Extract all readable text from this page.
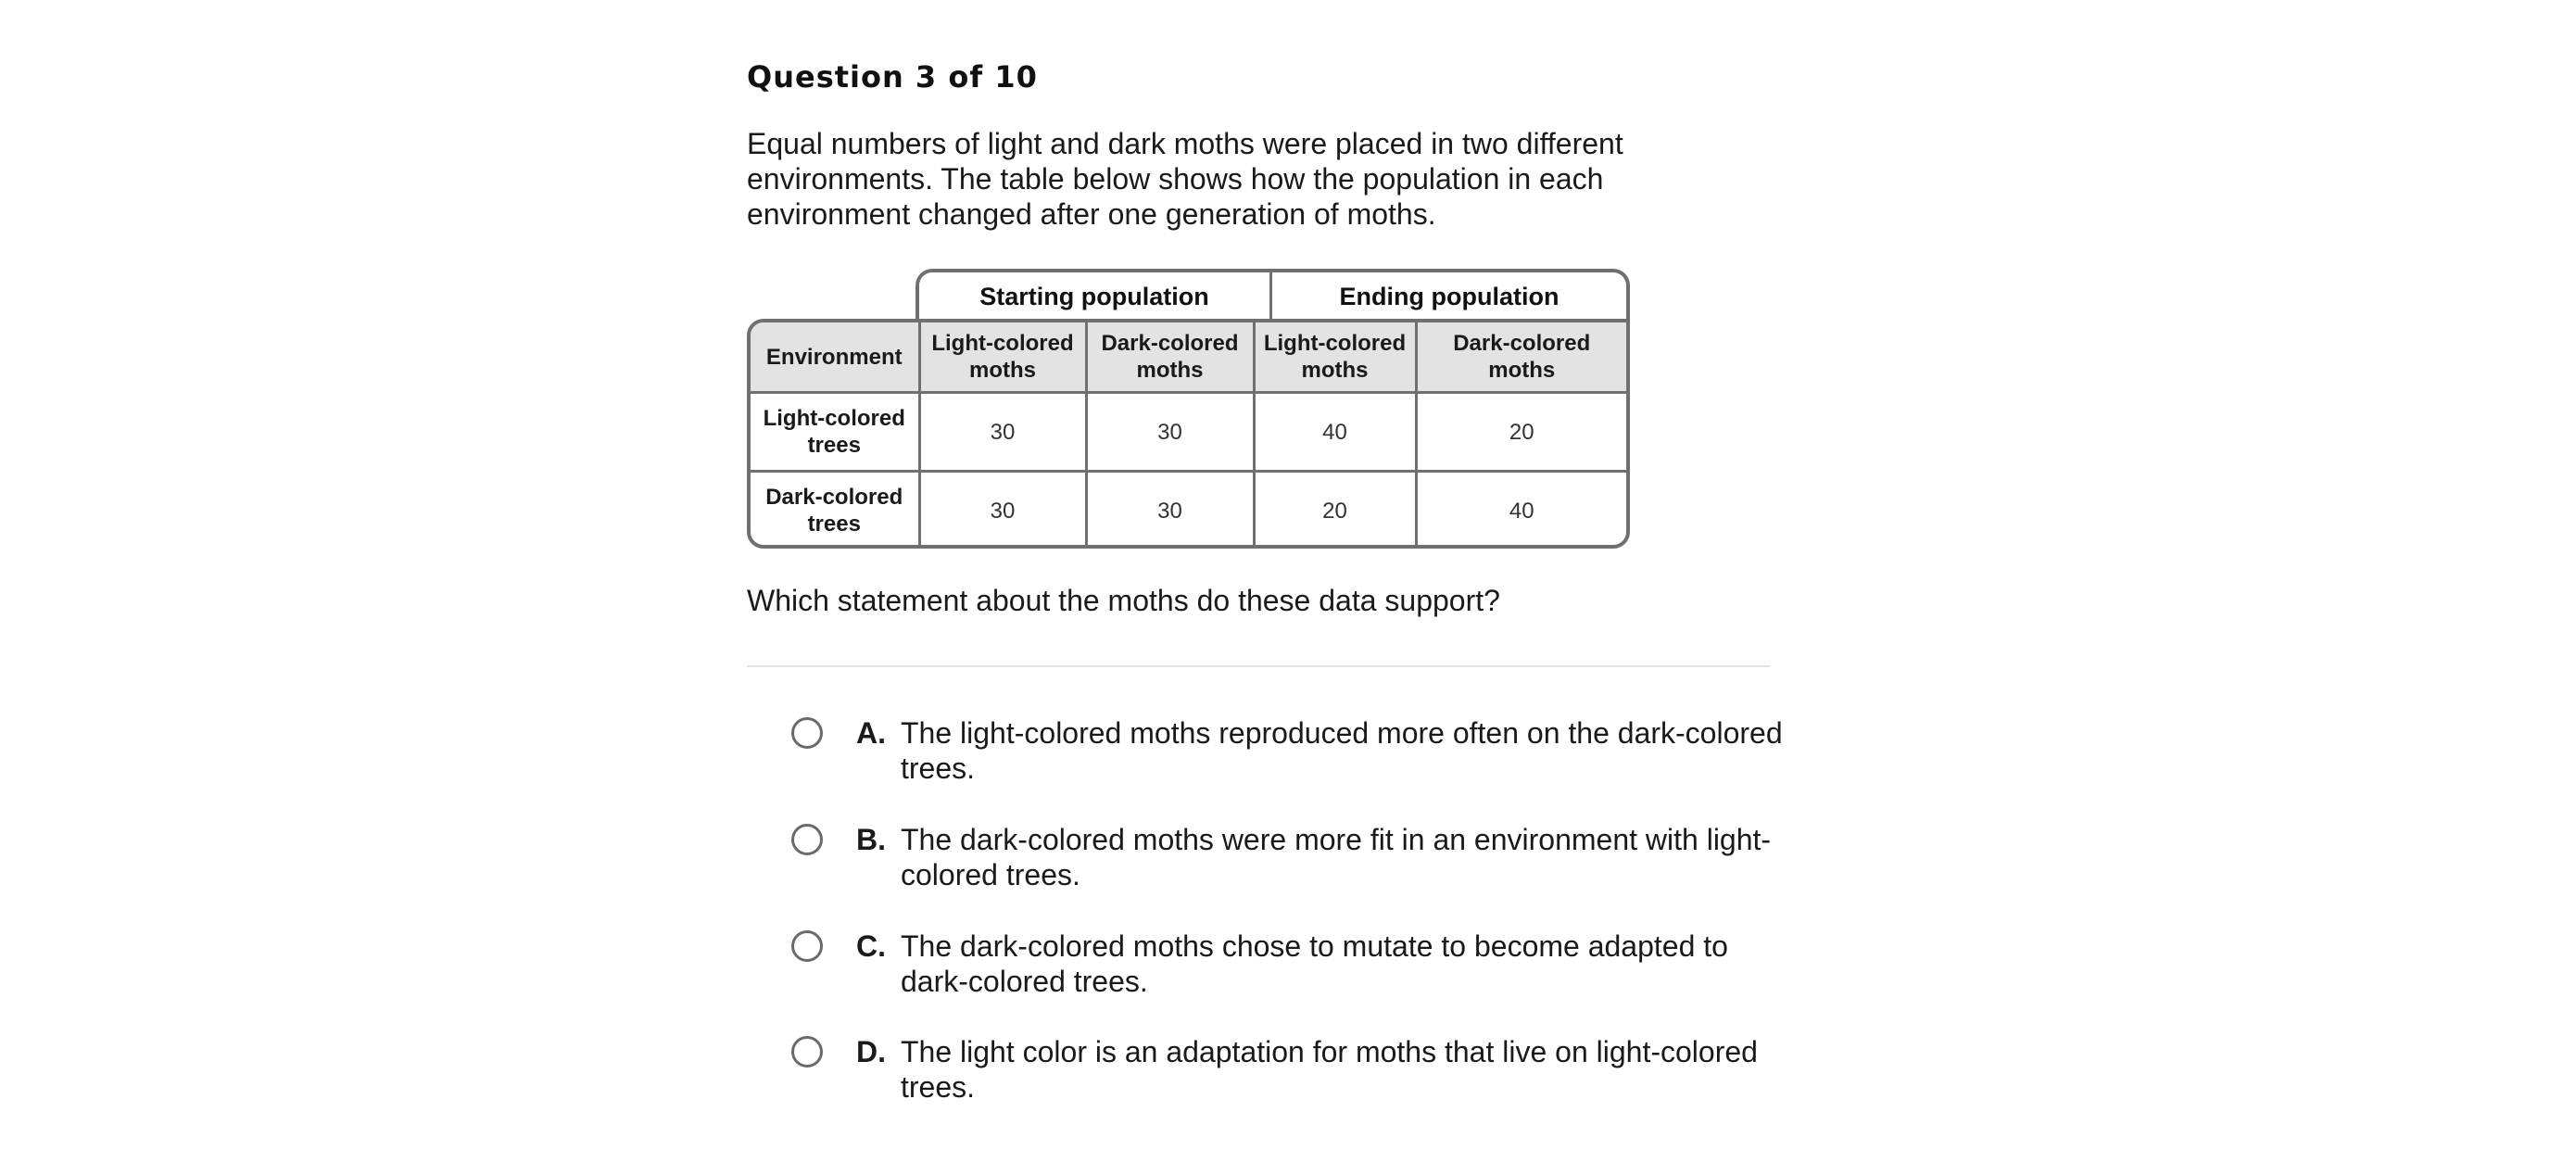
Question 3 of 10

Equal numbers of light and dark moths were placed in two different environments. The table below shows how the population in each environment changed after one generation of moths.

Starting population	Ending population
Environment	Light-colored moths	Dark-colored moths	Light-colored moths	Dark-colored moths
Light-colored trees	30	30	40	20
Dark-colored trees	30	30	20	40

Which statement about the moths do these data support?

A. The light-colored moths reproduced more often on the dark-colored trees.
B. The dark-colored moths were more fit in an environment with light-colored trees.
C. The dark-colored moths chose to mutate to become adapted to dark-colored trees.
D. The light color is an adaptation for moths that live on light-colored trees.
